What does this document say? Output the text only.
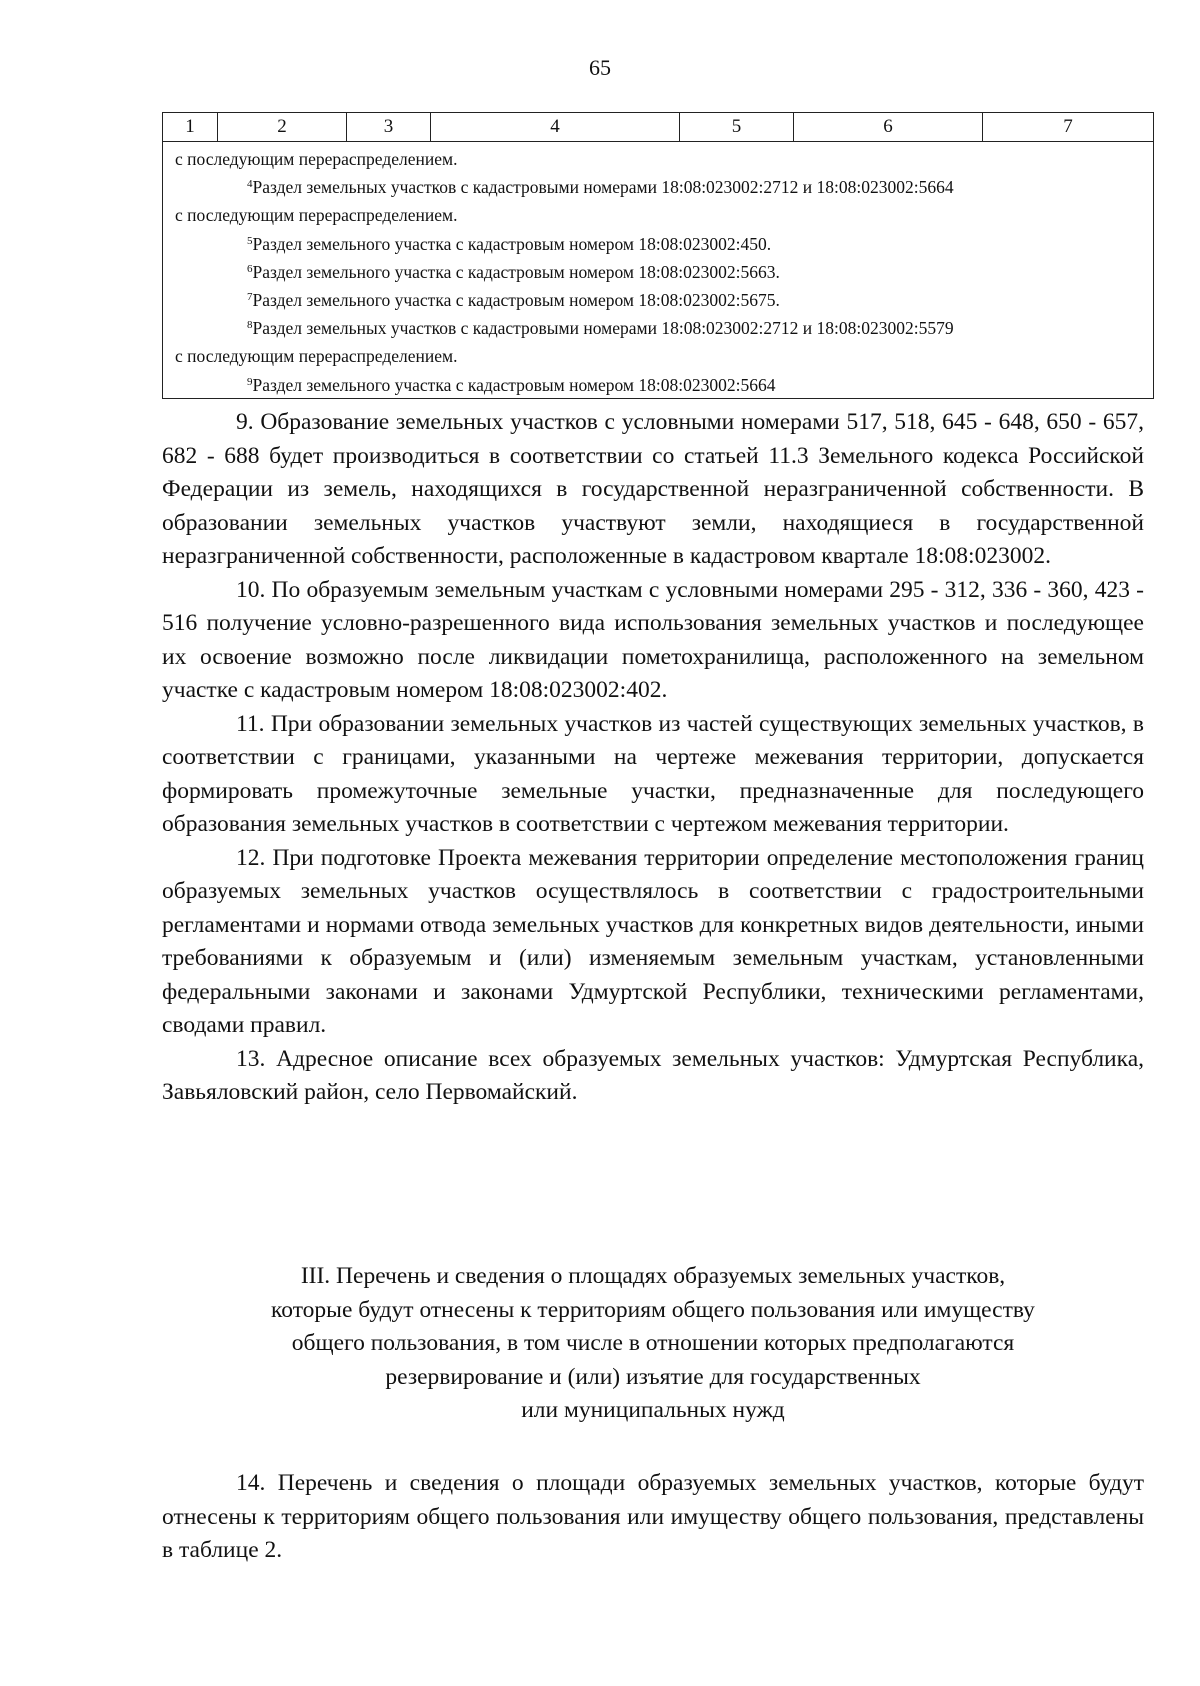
65
1	2	3	4	5	6	7
с последующим перераспределением.
$^4$Раздел земельных участков с кадастровыми номерами 18:08:023002:2712 и 18:08:023002:5664
с последующим перераспределением.
$^5$Раздел земельного участка с кадастровым номером 18:08:023002:450.
$^6$Раздел земельного участка с кадастровым номером 18:08:023002:5663.
$^7$Раздел земельного участка с кадастровым номером 18:08:023002:5675.
$^8$Раздел земельных участков с кадастровыми номерами 18:08:023002:2712 и 18:08:023002:5579
с последующим перераспределением.
$^9$Раздел земельного участка с кадастровым номером 18:08:023002:5664

9. Образование земельных участков с условными номерами 517, 518, 645 - 648, 650 - 657, 682 - 688 будет производиться в соответствии со статьей 11.3 Земельного кодекса Российской Федерации из земель, находящихся в государственной неразграниченной собственности. В образовании земельных участков участвуют земли, находящиеся в государственной неразграниченной собственности, расположенные в кадастровом квартале 18:08:023002.

10. По образуемым земельным участкам с условными номерами 295 - 312, 336 - 360, 423 - 516 получение условно-разрешенного вида использования земельных участков и последующее их освоение возможно после ликвидации пометохранилища, расположенного на земельном участке с кадастровым номером 18:08:023002:402.

11. При образовании земельных участков из частей существующих земельных участков, в соответствии с границами, указанными на чертеже межевания территории, допускается формировать промежуточные земельные участки, предназначенные для последующего образования земельных участков в соответствии с чертежом межевания территории.

12. При подготовке Проекта межевания территории определение местоположения границ образуемых земельных участков осуществлялось в соответствии с градостроительными регламентами и нормами отвода земельных участков для конкретных видов деятельности, иными требованиями к образуемым и (или) изменяемым земельным участкам, установленными федеральными законами и законами Удмуртской Республики, техническими регламентами, сводами правил.

13. Адресное описание всех образуемых земельных участков: Удмуртская Республика, Завьяловский район, село Первомайский.

III. Перечень и сведения о площадях образуемых земельных участков,
которые будут отнесены к территориям общего пользования или имуществу
общего пользования, в том числе в отношении которых предполагаются
резервирование и (или) изъятие для государственных
или муниципальных нужд

14. Перечень и сведения о площади образуемых земельных участков, которые будут отнесены к территориям общего пользования или имуществу общего пользования, представлены в таблице 2.
